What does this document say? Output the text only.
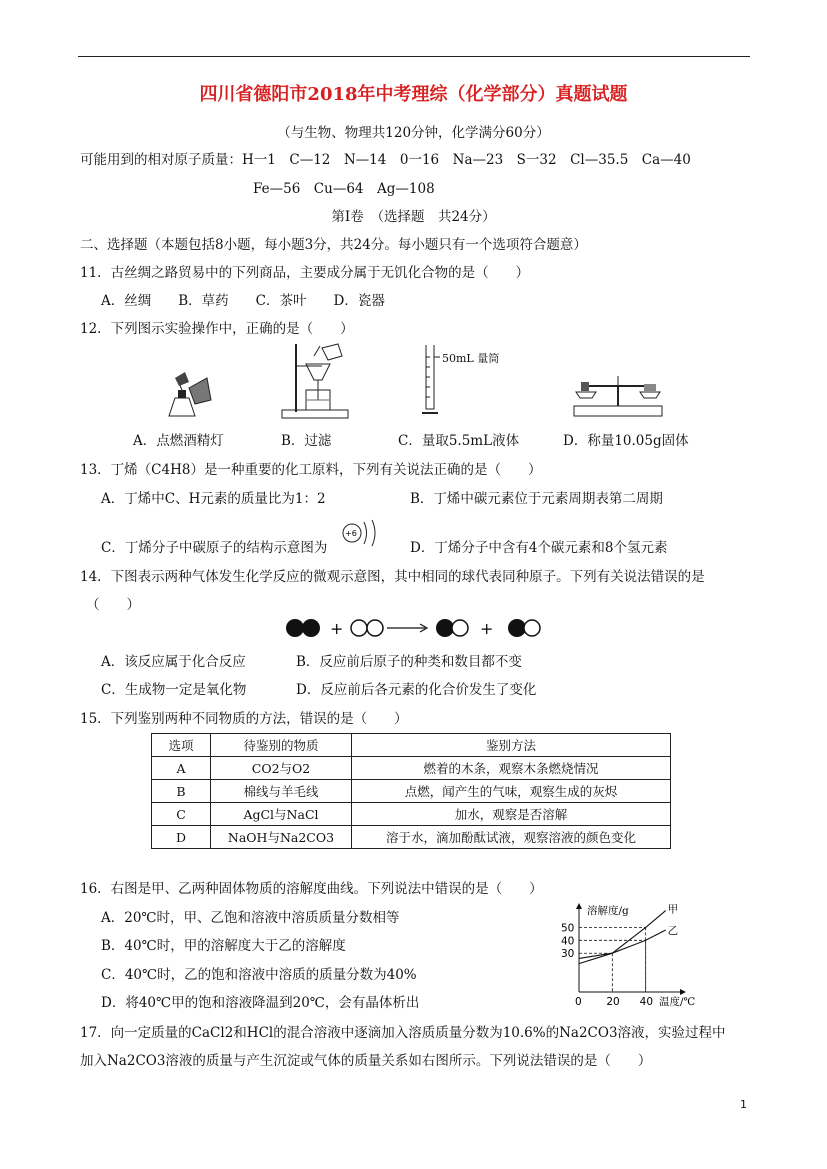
四川省德阳市2018年中考理综（化学部分）真题试题
（与生物、物理共120分钟，化学满分60分）
可能用到的相对原子质量：H一1　C—12　N—14　0一16　Na—23　S一32　Cl—35.5　Ca—40
Fe—56　Cu—64　Ag—108
第Ⅰ卷　（选择题　共24分）
二、选择题（本题包括8小题，每小题3分，共24分。每小题只有一个选项符合题意）
11．古丝绸之路贸易中的下列商品，主要成分属于无饥化合物的是（　　）
A．丝绸　　B．草药　　C．茶叶　　D．瓷器
12．下列图示实验操作中，正确的是（　　）
50mL 量筒
A．点燃酒精灯	B．过滤	C．量取5.5mL液体	D．称量10.05g固体
13．丁烯（C4H8）是一种重要的化工原料，下列有关说法正确的是（　　）
A．丁烯中C、H元素的质量比为1：2	B．丁烯中碳元素位于元素周期表第二周期
C．丁烯分子中碳原子的结构示意图为
+6
D．丁烯分子中含有4个碳元素和8个氢元素
14．下图表示两种气体发生化学反应的微观示意图，其中相同的球代表同种原子。下列有关说法错误的是
（　　）
+	+
A．该反应属于化合反应	B．反应前后原子的种类和数目都不变
C．生成物一定是氧化物	D．反应前后各元素的化合价发生了变化
15．下列鉴别两种不同物质的方法，错误的是（　　）
选项	待鉴别的物质	鉴别方法
A	CO2与O2	燃着的木条，观察木条燃烧情况
B	棉线与羊毛线	点燃，闻产生的气味，观察生成的灰烬
C	AgCl与NaCl	加水，观察是否溶解
D	NaOH与Na2CO3	溶于水，滴加酚酞试液，观察溶液的颜色变化
16．右图是甲、乙两种固体物质的溶解度曲线。下列说法中错误的是（　　）
A．20℃时，甲、乙饱和溶液中溶质质量分数相等
B．40℃时，甲的溶解度大于乙的溶解度
C．40℃时，乙的饱和溶液中溶质的质量分数为40%
D．将40℃甲的饱和溶液降温到20℃，会有晶体析出
溶解度/g
温度/℃
30
40
50
0 20 40
甲
乙
17．向一定质量的CaCl2和HCl的混合溶液中逐滴加入溶质质量分数为10.6%的Na2CO3溶液，实验过程中
加入Na2CO3溶液的质量与产生沉淀或气体的质量关系如右图所示。下列说法错误的是（　　）
1
